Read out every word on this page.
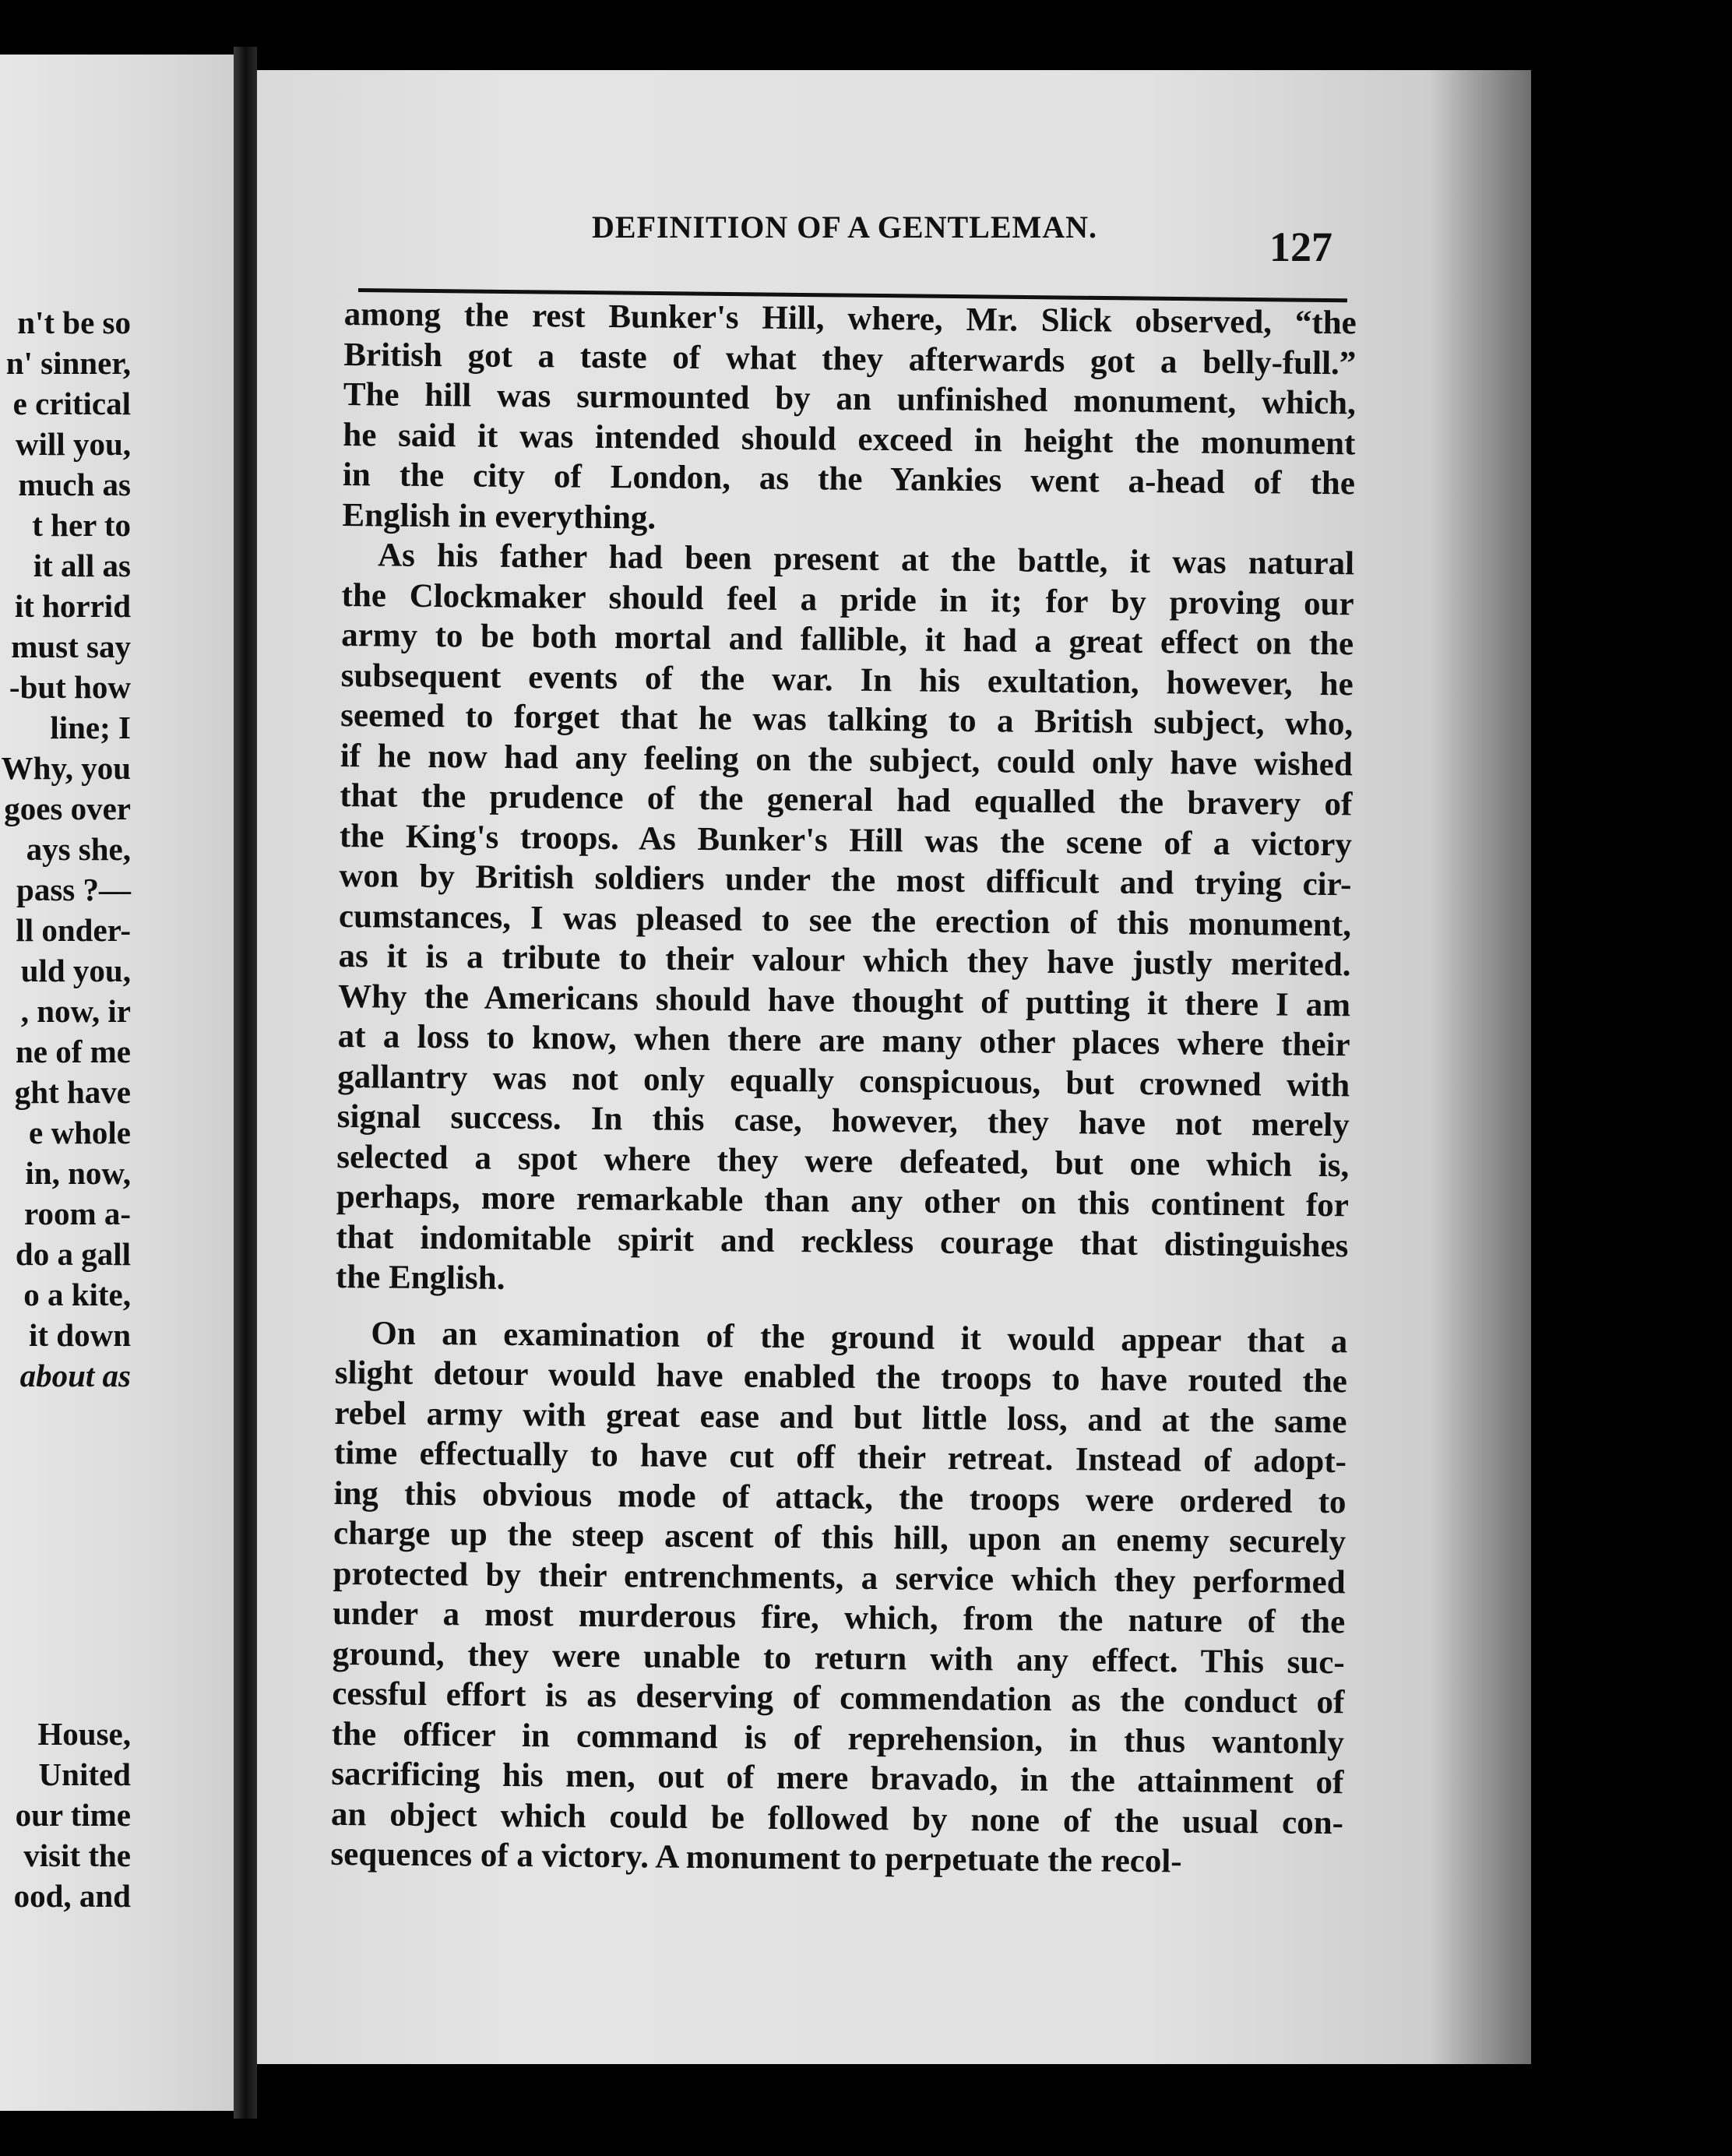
n't be so
n' sinner,
e critical
will you,
much as
t her to
it all as
it horrid
must say
-but how
line; I
Why, you
goes over
ays she,
pass ?—
ll onder-
uld you,
, now, ir
ne of me
ght have
e whole
in, now,
room a-
do a gall
o a kite,
it down
about as
House,
United
our time
visit the
ood, and
DEFINITION OF A GENTLEMAN.	127
among the rest Bunker's Hill, where, Mr. Slick observed, “the
British got a taste of what they afterwards got a belly-full.”
The hill was surmounted by an unfinished monument, which,
he said it was intended should exceed in height the monument
in the city of London, as the Yankies went a-head of the
English in everything.
As his father had been present at the battle, it was natural
the Clockmaker should feel a pride in it; for by proving our
army to be both mortal and fallible, it had a great effect on the
subsequent events of the war. In his exultation, however, he
seemed to forget that he was talking to a British subject, who,
if he now had any feeling on the subject, could only have wished
that the prudence of the general had equalled the bravery of
the King's troops. As Bunker's Hill was the scene of a victory
won by British soldiers under the most difficult and trying cir-
cumstances, I was pleased to see the erection of this monument,
as it is a tribute to their valour which they have justly merited.
Why the Americans should have thought of putting it there I am
at a loss to know, when there are many other places where their
gallantry was not only equally conspicuous, but crowned with
signal success. In this case, however, they have not merely
selected a spot where they were defeated, but one which is,
perhaps, more remarkable than any other on this continent for
that indomitable spirit and reckless courage that distinguishes
the English.
On an examination of the ground it would appear that a
slight detour would have enabled the troops to have routed the
rebel army with great ease and but little loss, and at the same
time effectually to have cut off their retreat. Instead of adopt-
ing this obvious mode of attack, the troops were ordered to
charge up the steep ascent of this hill, upon an enemy securely
protected by their entrenchments, a service which they performed
under a most murderous fire, which, from the nature of the
ground, they were unable to return with any effect. This suc-
cessful effort is as deserving of commendation as the conduct of
the officer in command is of reprehension, in thus wantonly
sacrificing his men, out of mere bravado, in the attainment of
an object which could be followed by none of the usual con-
sequences of a victory. A monument to perpetuate the recol-
